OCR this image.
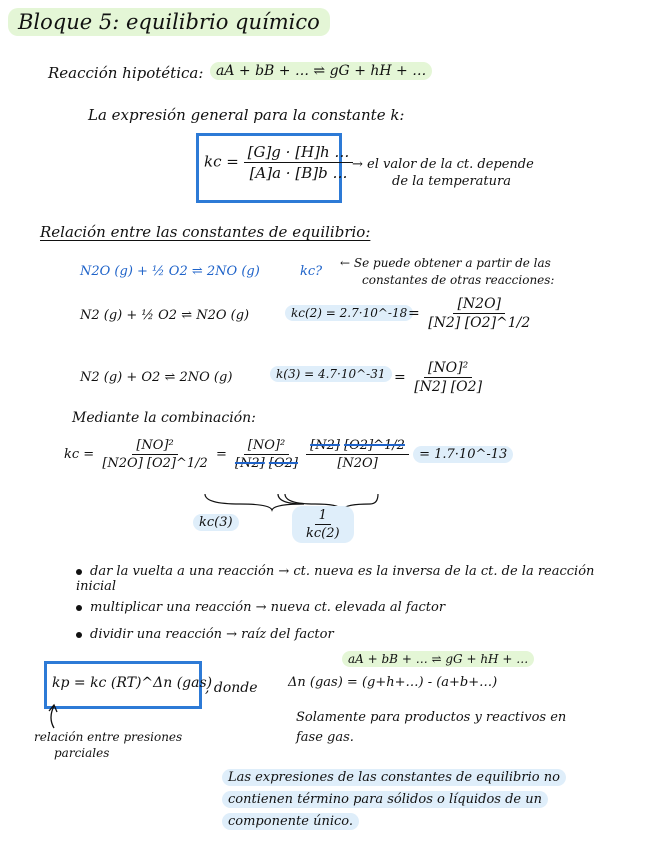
Bloque 5: equilibrio químico
Reacción hipotética: aA + bB + … ⇌ gG + hH + …
La expresión general para la constante k:
kc = $\frac{[G]g \cdot [H]h \dots}{[A]a \cdot [B]b \dots}$
→ el valor de la ct. depende
de la temperatura
Relación entre las constantes de equilibrio:
N2O (g) + ½ O2 ⇌ 2NO (g)	kc?
← Se puede obtener a partir de las
constantes de otras reacciones:
N2 (g) + ½ O2 ⇌ N2O (g)	kc(2) = 2.7·10^-18 = $\frac{[N2O]}{[N2] [O2]\^{}1/2}$
N2 (g) + O2 ⇌ 2NO (g)	k(3) = 4.7·10^-31 = $\frac{\text{[NO]²}}{[N2] [O2]}$
Mediante la combinación:
kc = $\frac{\text{[NO]²}}{[N2O] [O2]\^{}1/2} = \frac{\text{[NO]²}}{[N2] [O2]}$
$\frac{[N2] [O2]\^{}1/2}{[N2O]}$ = 1.7·10^-13
kc(3)	$\frac{1}{kc(2)}$
dar la vuelta a una reacción → ct. nueva es la inversa de la ct. de la reacción inicial
multiplicar una reacción → nueva ct. elevada al factor
dividir una reacción → raíz del factor
aA + bB + … ⇌ gG + hH + …
kp = kc (RT)^Δn (gas)
, donde Δn (gas) = (g+h+…) - (a+b+…)
relación entre presiones
parciales
Solamente para productos y reactivos en
fase gas.
Las expresiones de las constantes de equilibrio no
contienen término para sólidos o líquidos de un
componente único.
